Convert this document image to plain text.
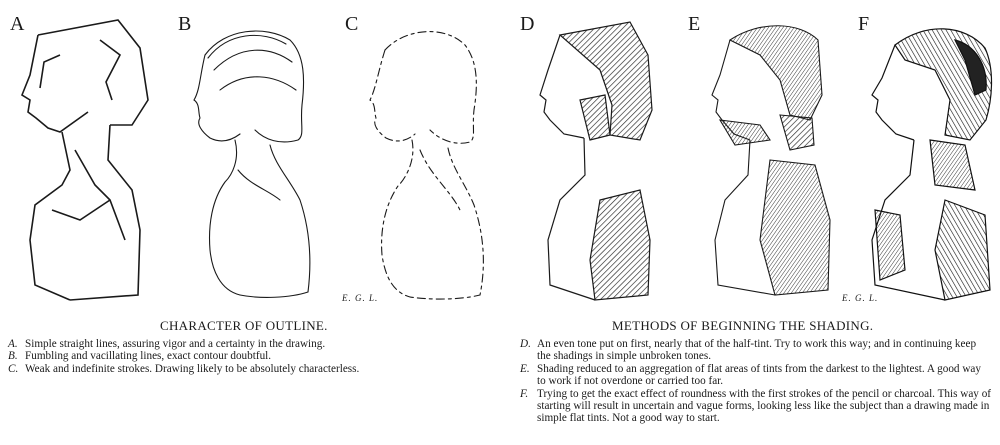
A	B	C	D	E	F
E. G. L.	E. G. L.
CHARACTER OF OUTLINE.	METHODS OF BEGINNING THE SHADING.
A. Simple straight lines, assuring vigor and a certainty in the drawing.
B. Fumbling and vacillating lines, exact contour doubtful.
C. Weak and indefinite strokes. Drawing likely to be absolutely characterless.
D. An even tone put on first, nearly that of the half-tint. Try to work this way; and in continuing keep the shadings in simple unbroken tones.
E. Shading reduced to an aggregation of flat areas of tints from the darkest to the lightest. A good way to work if not overdone or carried too far.
F. Trying to get the exact effect of roundness with the first strokes of the pencil or charcoal. This way of starting will result in uncertain and vague forms, looking less like the subject than a drawing made in simple flat tints. Not a good way to start.
